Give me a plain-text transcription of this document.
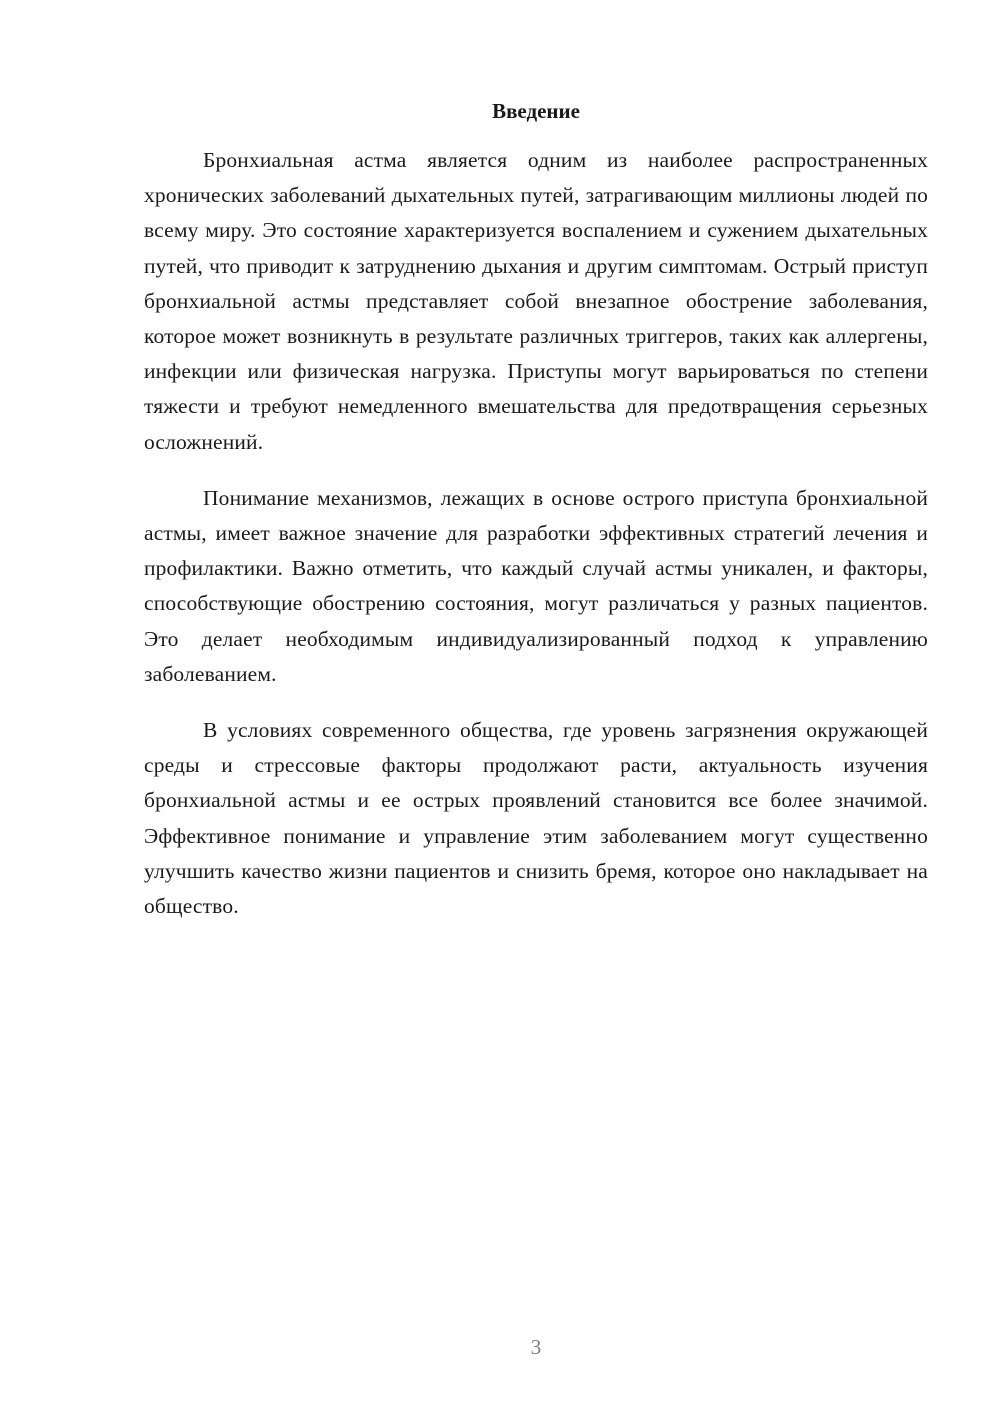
Введение

Бронхиальная астма является одним из наиболее распространенных хронических заболеваний дыхательных путей, затрагивающим миллионы людей по всему миру. Это состояние характеризуется воспалением и сужением дыхательных путей, что приводит к затруднению дыхания и другим симптомам. Острый приступ бронхиальной астмы представляет собой внезапное обострение заболевания, которое может возникнуть в результате различных триггеров, таких как аллергены, инфекции или физическая нагрузка. Приступы могут варьироваться по степени тяжести и требуют немедленного вмешательства для предотвращения серьезных осложнений.

Понимание механизмов, лежащих в основе острого приступа бронхиальной астмы, имеет важное значение для разработки эффективных стратегий лечения и профилактики. Важно отметить, что каждый случай астмы уникален, и факторы, способствующие обострению состояния, могут различаться у разных пациентов. Это делает необходимым индивидуализированный подход к управлению заболеванием.

В условиях современного общества, где уровень загрязнения окружающей среды и стрессовые факторы продолжают расти, актуальность изучения бронхиальной астмы и ее острых проявлений становится все более значимой. Эффективное понимание и управление этим заболеванием могут существенно улучшить качество жизни пациентов и снизить бремя, которое оно накладывает на общество.

3
